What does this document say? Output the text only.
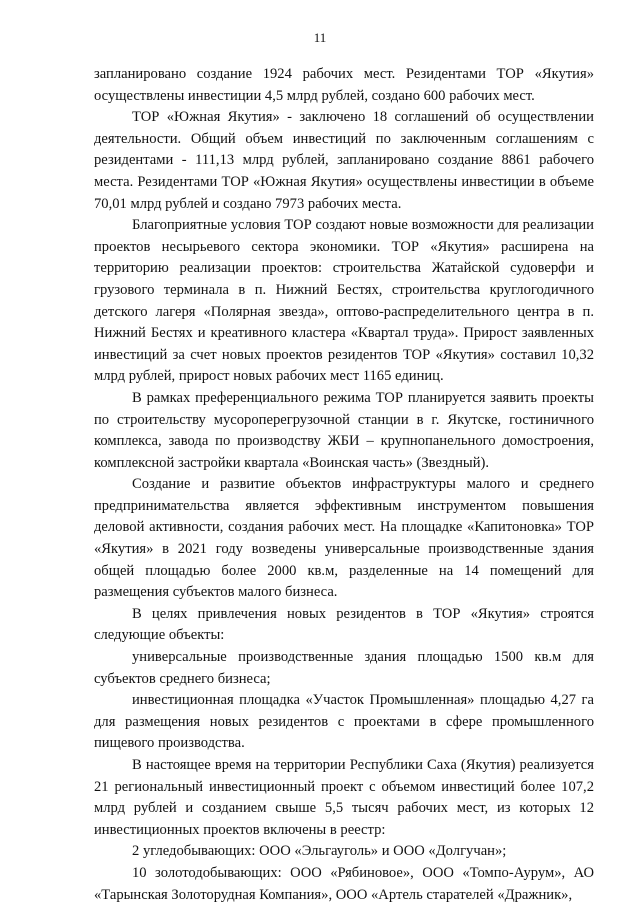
11

запланировано создание 1924 рабочих мест. Резидентами ТОР «Якутия» осуществлены инвестиции 4,5 млрд рублей, создано 600 рабочих мест.

ТОР «Южная Якутия» - заключено 18 соглашений об осуществлении деятельности. Общий объем инвестиций по заключенным соглашениям с резидентами - 111,13 млрд рублей, запланировано создание 8861 рабочего места. Резидентами ТОР «Южная Якутия» осуществлены инвестиции в объеме 70,01 млрд рублей и создано 7973 рабочих места.

Благоприятные условия ТОР создают новые возможности для реализации проектов несырьевого сектора экономики. ТОР «Якутия» расширена на территорию реализации проектов: строительства Жатайской судоверфи и грузового терминала в п. Нижний Бестях, строительства круглогодичного детского лагеря «Полярная звезда», оптово-распределительного центра в п. Нижний Бестях и креативного кластера «Квартал труда». Прирост заявленных инвестиций за счет новых проектов резидентов ТОР «Якутия» составил 10,32 млрд рублей, прирост новых рабочих мест 1165 единиц.

В рамках преференциального режима ТОР планируется заявить проекты по строительству мусороперегрузочной станции в г. Якутске, гостиничного комплекса, завода по производству ЖБИ – крупнопанельного домостроения, комплексной застройки квартала «Воинская часть» (Звездный).

Создание и развитие объектов инфраструктуры малого и среднего предпринимательства является эффективным инструментом повышения деловой активности, создания рабочих мест. На площадке «Капитоновка» ТОР «Якутия» в 2021 году возведены универсальные производственные здания общей площадью более 2000 кв.м, разделенные на 14 помещений для размещения субъектов малого бизнеса.

В целях привлечения новых резидентов в ТОР «Якутия» строятся следующие объекты:

универсальные производственные здания площадью 1500 кв.м для субъектов среднего бизнеса;

инвестиционная площадка «Участок Промышленная» площадью 4,27 га для размещения новых резидентов с проектами в сфере промышленного пищевого производства.

В настоящее время на территории Республики Саха (Якутия) реализуется 21 региональный инвестиционный проект с объемом инвестиций более 107,2 млрд рублей и созданием свыше 5,5 тысяч рабочих мест, из которых 12 инвестиционных проектов включены в реестр:

2 угледобывающих: ООО «Эльгауголь» и ООО «Долгучан»;

10 золотодобывающих: ООО «Рябиновое», ООО «Томпо-Аурум», АО «Тарынская Золоторудная Компания», ООО «Артель старателей «Дражник»,
